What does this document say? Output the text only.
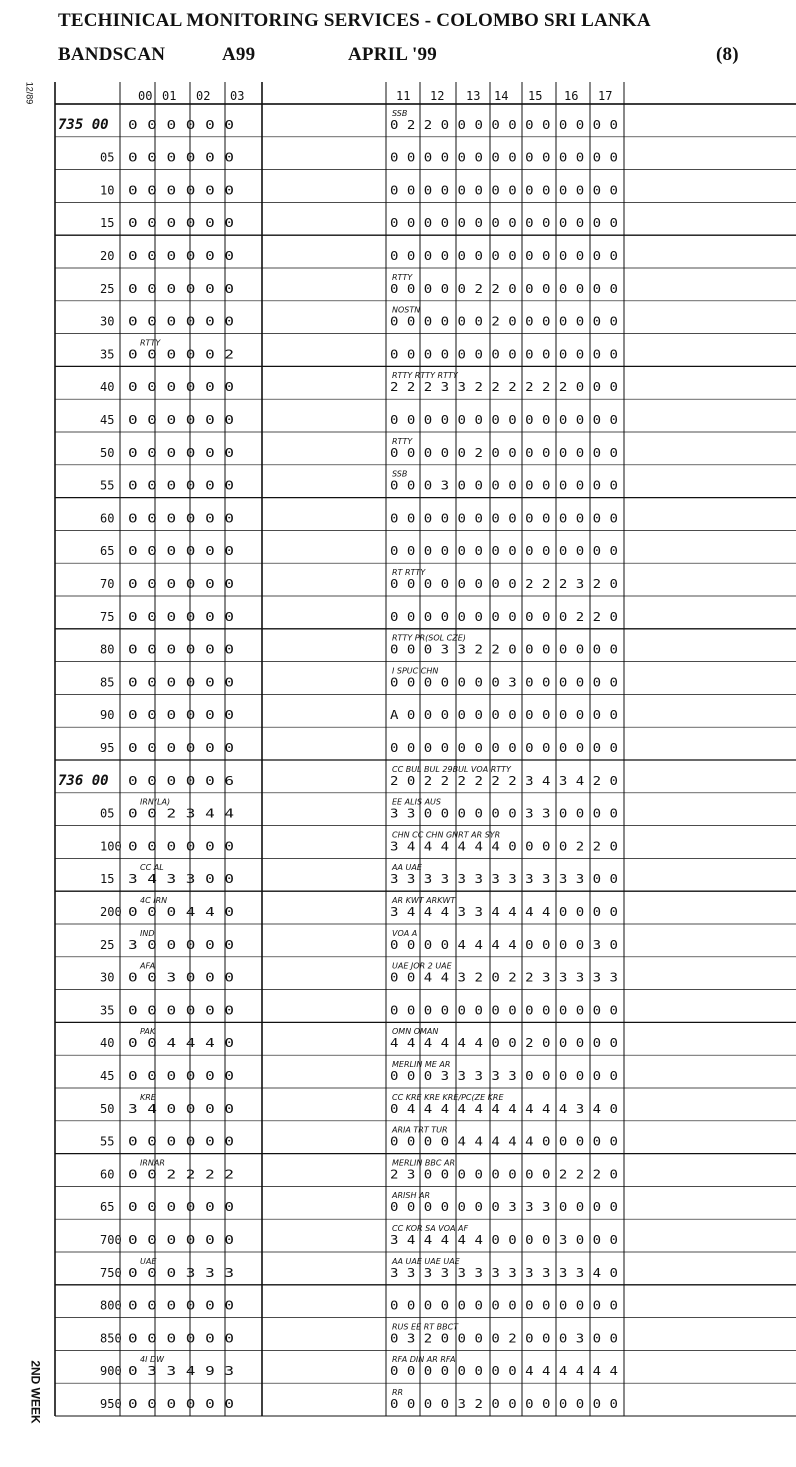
TECHINICAL MONITORING SERVICES - COLOMBO SRI LANKA
BANDSCAN	A99	APRIL '99	(8)
12/89
2ND WEEK
00 01 02 03	11 12 13 14 15 16 17
735 00 0 0 0 0 0 0	0 2 2 0 0 0 0 0 0 0 0 0 0 0
SSB
05 0 0 0 0 0 0	0 0 0 0 0 0 0 0 0 0 0 0 0 0
10 0 0 0 0 0 0	0 0 0 0 0 0 0 0 0 0 0 0 0 0
15 0 0 0 0 0 0	0 0 0 0 0 0 0 0 0 0 0 0 0 0
20 0 0 0 0 0 0	0 0 0 0 0 0 0 0 0 0 0 0 0 0
25 0 0 0 0 0 0	0 0 0 0 0 2 2 0 0 0 0 0 0 0
RTTY
30 0 0 0 0 0 0	0 0 0 0 0 0 2 0 0 0 0 0 0 0
NOSTN
35 0 0 0 0 0 2	0 0 0 0 0 0 0 0 0 0 0 0 0 0
RTTY
40 0 0 0 0 0 0	2 2 2 3 3 2 2 2 2 2 2 0 0 0
RTTY RTTY RTTY
45 0 0 0 0 0 0	0 0 0 0 0 0 0 0 0 0 0 0 0 0
50 0 0 0 0 0 0	0 0 0 0 0 2 0 0 0 0 0 0 0 0
RTTY
55 0 0 0 0 0 0	0 0 0 3 0 0 0 0 0 0 0 0 0 0
SSB
60 0 0 0 0 0 0	0 0 0 0 0 0 0 0 0 0 0 0 0 0
65 0 0 0 0 0 0	0 0 0 0 0 0 0 0 0 0 0 0 0 0
70 0 0 0 0 0 0	0 0 0 0 0 0 0 0 2 2 2 3 2 0
RT RTTY
75 0 0 0 0 0 0	0 0 0 0 0 0 0 0 0 0 0 2 2 0
80 0 0 0 0 0 0	0 0 0 3 3 2 2 0 0 0 0 0 0 0
RTTY PR(SOL CZE)
85 0 0 0 0 0 0	0 0 0 0 0 0 0 3 0 0 0 0 0 0
I SPUC CHN
90 0 0 0 0 0 0	A 0 0 0 0 0 0 0 0 0 0 0 0 0
95 0 0 0 0 0 0	0 0 0 0 0 0 0 0 0 0 0 0 0 0
736 00 0 0 0 0 0 6	2 0 2 2 2 2 2 2 3 4 3 4 2 0
CC BUL BUL 29BUL VOA RTTY
05 0 0 2 3 4 4	3 3 0 0 0 0 0 0 3 3 0 0 0 0
IRN(LA)	EE ALIS AUS
100 0 0 0 0 0 0	3 4 4 4 4 4 4 0 0 0 0 2 2 0
CHN CC CHN GNRT AR SYR
15 3 4 3 3 0 0	3 3 3 3 3 3 3 3 3 3 3 3 0 0
CC AL	AA UAE
200 0 0 0 4 4 0	3 4 4 4 3 3 4 4 4 4 0 0 0 0
4C IRN	AR KWT ARKWT
25 3 0 0 0 0 0	0 0 0 0 4 4 4 4 0 0 0 0 3 0
IND	VOA A
30 0 0 3 0 0 0	0 0 4 4 3 2 0 2 2 3 3 3 3 3
AFA	UAE JOR 2 UAE
35 0 0 0 0 0 0	0 0 0 0 0 0 0 0 0 0 0 0 0 0
40 0 0 4 4 4 0	4 4 4 4 4 4 0 0 2 0 0 0 0 0
PAK	OMN OMAN
45 0 0 0 0 0 0	0 0 0 3 3 3 3 3 0 0 0 0 0 0
MERLIN ME AR
50 3 4 0 0 0 0	0 4 4 4 4 4 4 4 4 4 4 3 4 0
KRE	CC KRE KRE KRE/PC(ZE KRE
55 0 0 0 0 0 0	0 0 0 0 4 4 4 4 4 0 0 0 0 0
ARIA TRT TUR
60 0 0 2 2 2 2	2 3 0 0 0 0 0 0 0 0 2 2 2 0
IRNAR	MERLIN BBC AR
65 0 0 0 0 0 0	0 0 0 0 0 0 0 3 3 3 0 0 0 0
ARISH AR
700 0 0 0 0 0 0	3 4 4 4 4 4 0 0 0 0 3 0 0 0
CC KOR SA VOA AF
750 0 0 0 3 3 3	3 3 3 3 3 3 3 3 3 3 3 3 4 0
UAE	AA UAE UAE UAE
800 0 0 0 0 0 0	0 0 0 0 0 0 0 0 0 0 0 0 0 0
850 0 0 0 0 0 0	0 3 2 0 0 0 0 2 0 0 0 3 0 0
RUS EE RT BBCT
900 0 3 3 4 9 3	0 0 0 0 0 0 0 0 4 4 4 4 4 4
4I DW	RFA DIN AR RFA
950 0 0 0 0 0 0	0 0 0 0 3 2 0 0 0 0 0 0 0 0
RR
